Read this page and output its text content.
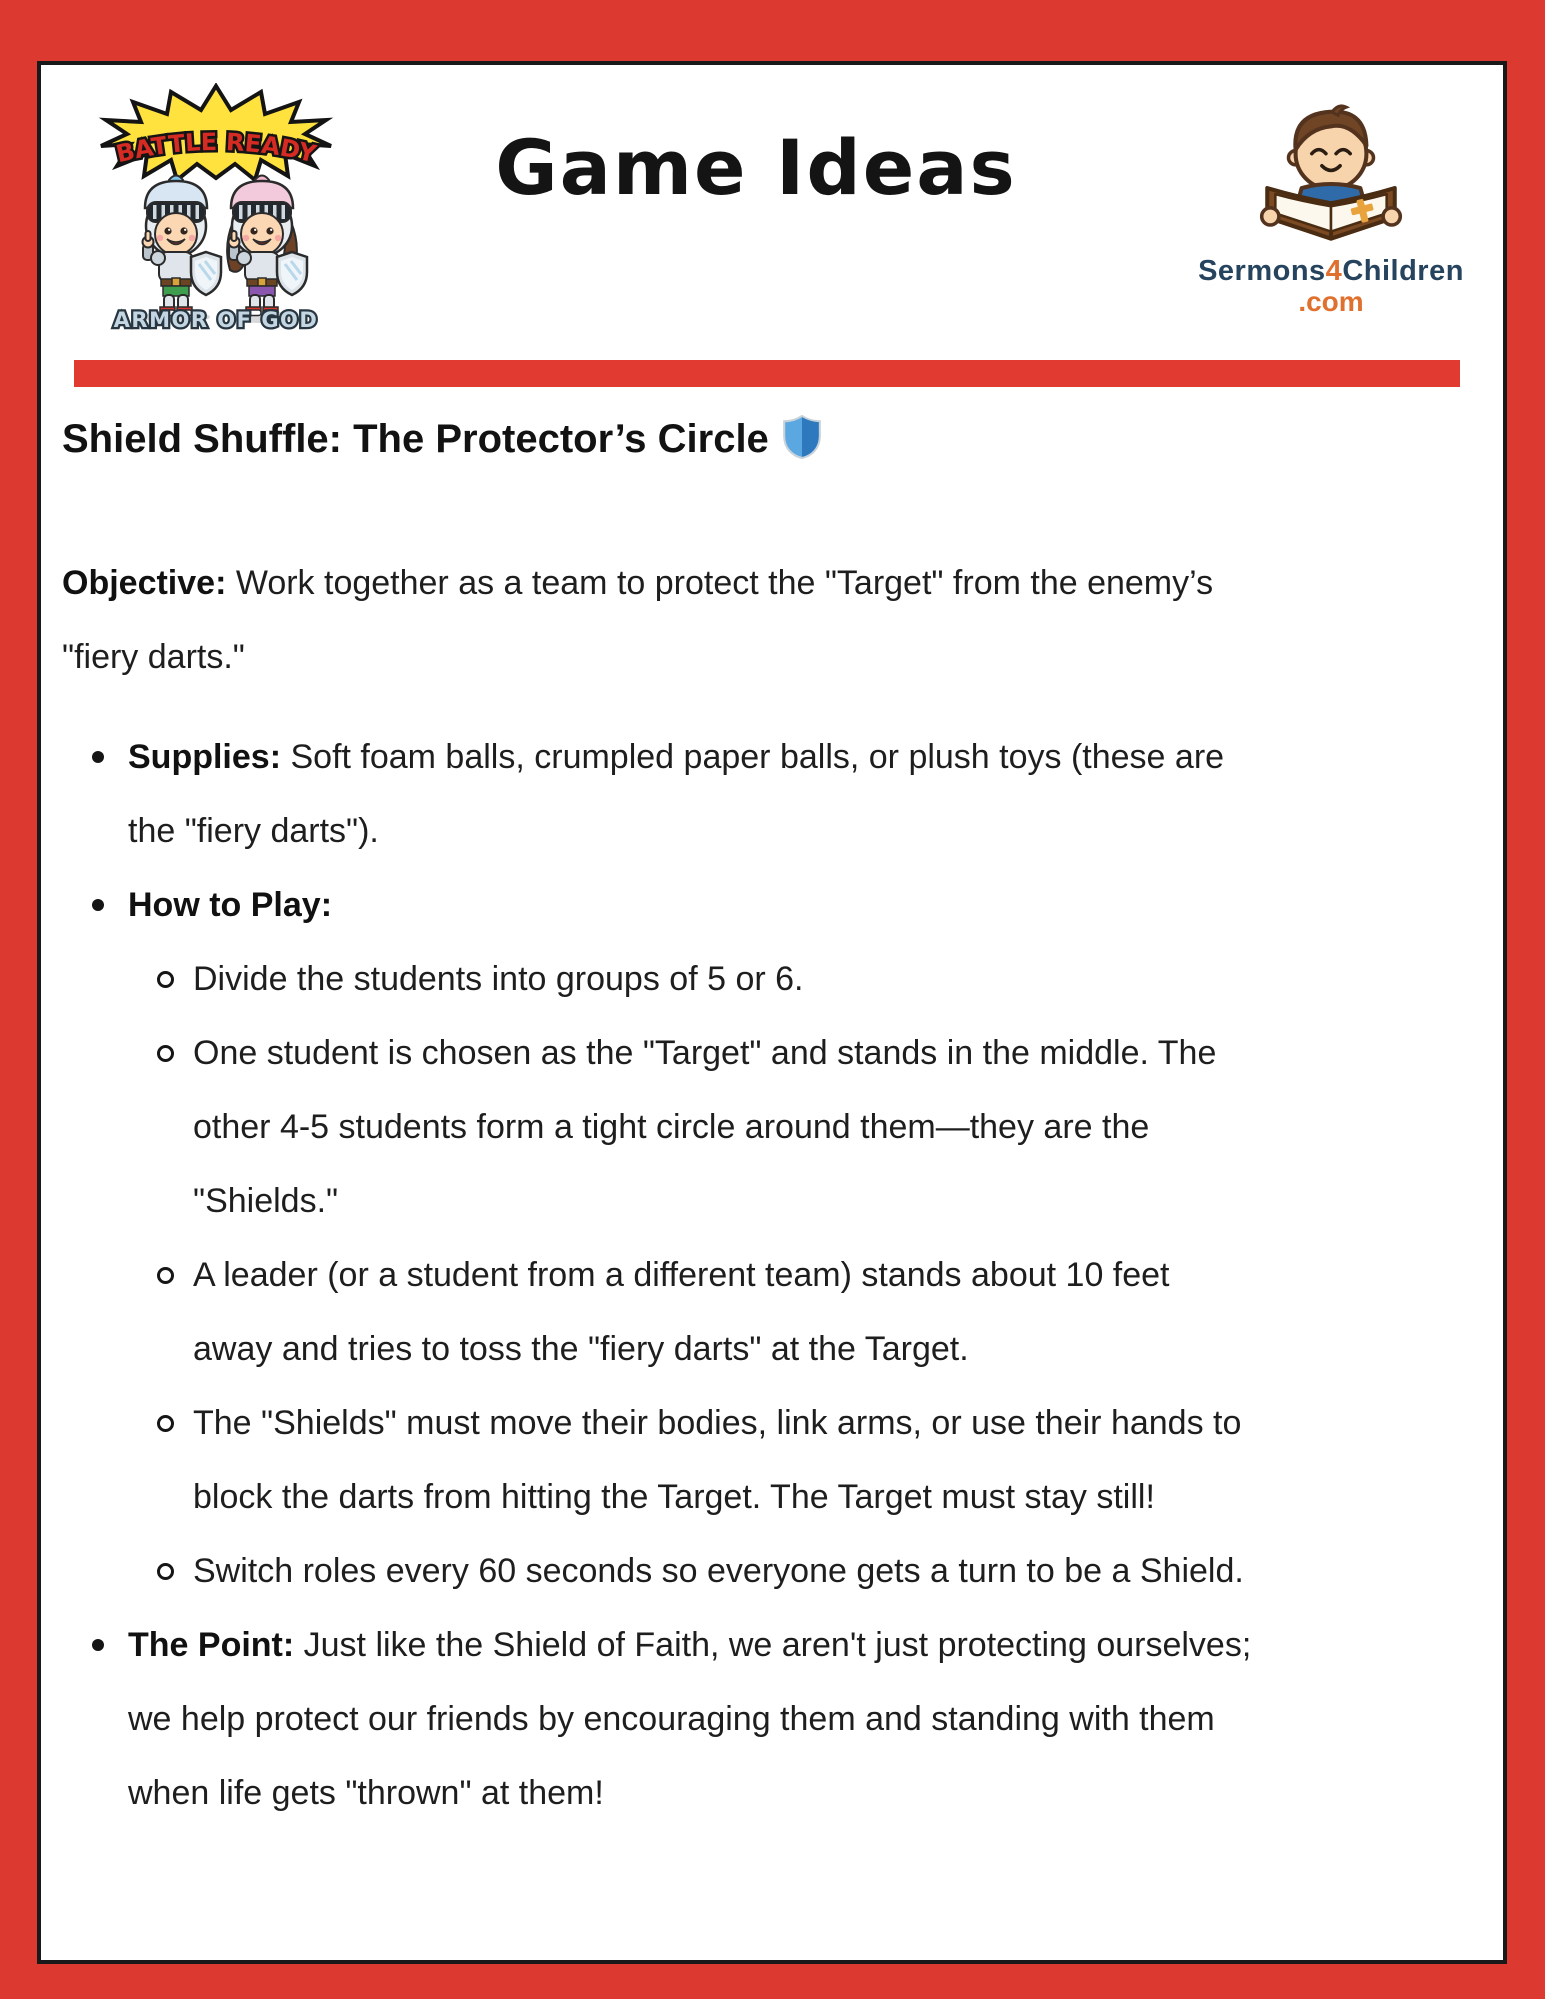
BATTLE READY
ARMOR OF GOD
Game Ideas
Sermons4Children
.com
Shield Shuffle: The Protector’s Circle
Objective: Work together as a team to protect the "Target" from the enemy’s
"fiery darts."
Supplies: Soft foam balls, crumpled paper balls, or plush toys (these are
the "fiery darts").
How to Play:
Divide the students into groups of 5 or 6.
One student is chosen as the "Target" and stands in the middle. The
other 4-5 students form a tight circle around them—they are the
"Shields."
A leader (or a student from a different team) stands about 10 feet
away and tries to toss the "fiery darts" at the Target.
The "Shields" must move their bodies, link arms, or use their hands to
block the darts from hitting the Target. The Target must stay still!
Switch roles every 60 seconds so everyone gets a turn to be a Shield.
The Point: Just like the Shield of Faith, we aren't just protecting ourselves;
we help protect our friends by encouraging them and standing with them
when life gets "thrown" at them!
